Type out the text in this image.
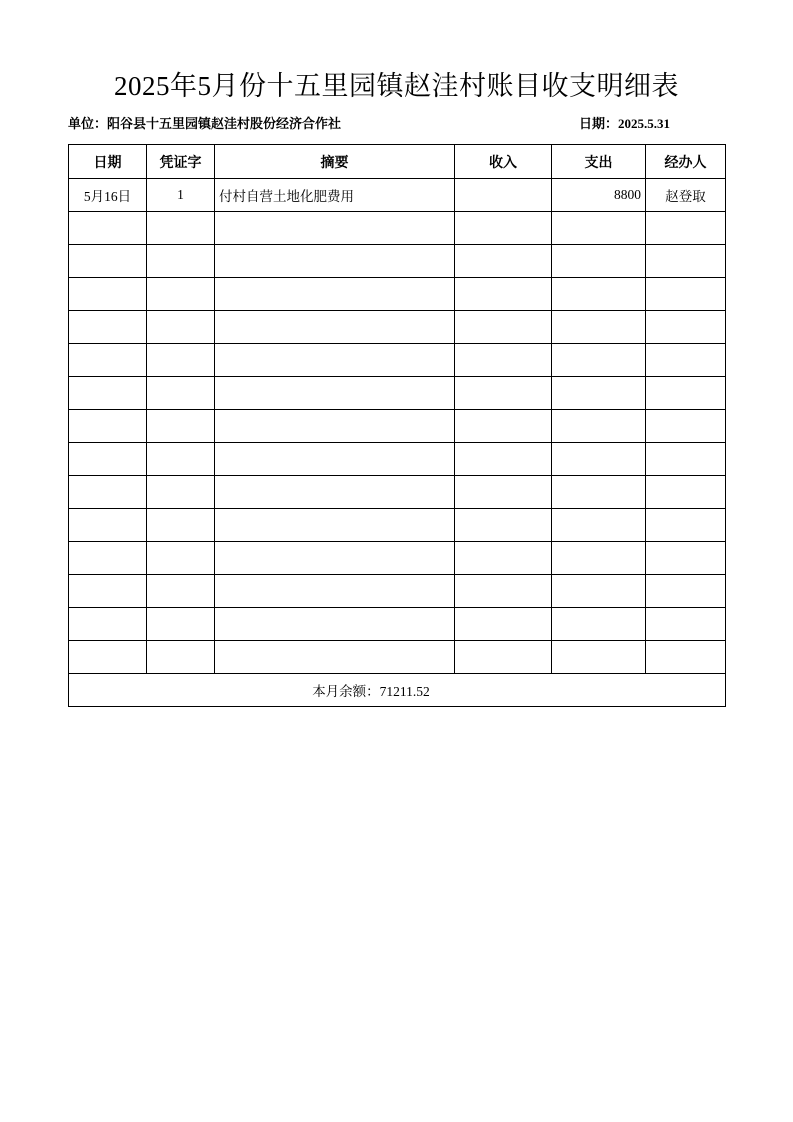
2025年5月份十五里园镇赵洼村账目收支明细表
单位：阳谷县十五里园镇赵洼村股份经济合作社	日期：2025.5.31
日期	凭证字	摘要	收入	支出	经办人
5月16日	1	付村自营土地化肥费用		8800	赵登取

本月余额：71211.52					
